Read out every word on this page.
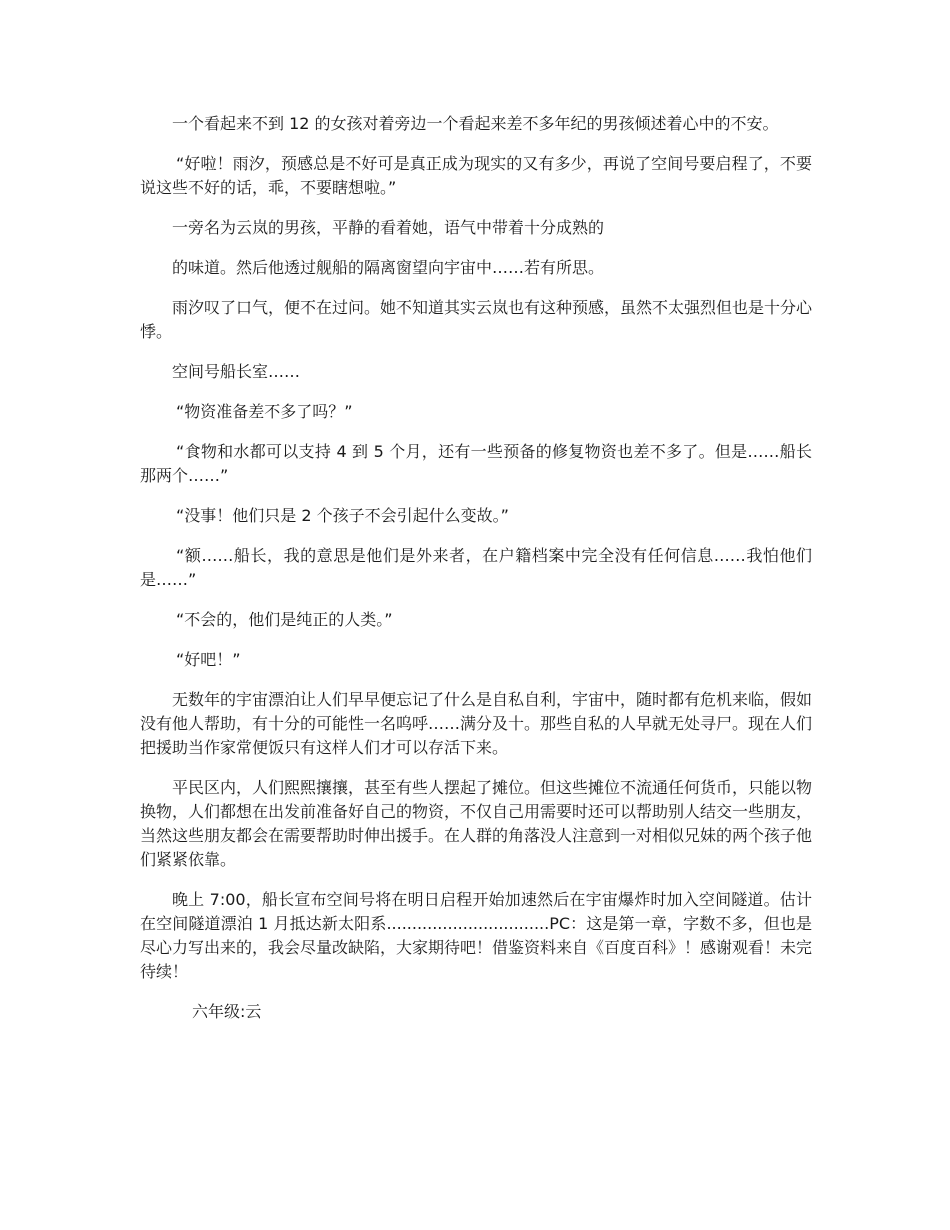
一个看起来不到 12 的女孩对着旁边一个看起来差不多年纪的男孩倾述着心中的不安。

“好啦！雨汐，预感总是不好可是真正成为现实的又有多少，再说了空间号要启程了，不要说这些不好的话，乖，不要瞎想啦。”

一旁名为云岚的男孩，平静的看着她，语气中带着十分成熟的

的味道。然后他透过舰船的隔离窗望向宇宙中……若有所思。

雨汐叹了口气，便不在过问。她不知道其实云岚也有这种预感，虽然不太强烈但也是十分心悸。

空间号船长室……

“物资准备差不多了吗？”

“食物和水都可以支持 4 到 5 个月，还有一些预备的修复物资也差不多了。但是……船长那两个……”

“没事！他们只是 2 个孩子不会引起什么变故。”

“额……船长，我的意思是他们是外来者，在户籍档案中完全没有任何信息……我怕他们是……”

“不会的，他们是纯正的人类。”

“好吧！”

无数年的宇宙漂泊让人们早早便忘记了什么是自私自利，宇宙中，随时都有危机来临，假如没有他人帮助，有十分的可能性一名呜呼……满分及十。那些自私的人早就无处寻尸。现在人们把援助当作家常便饭只有这样人们才可以存活下来。

平民区内，人们熙熙攘攘，甚至有些人摆起了摊位。但这些摊位不流通任何货币，只能以物换物，人们都想在出发前准备好自己的物资，不仅自己用需要时还可以帮助别人结交一些朋友，当然这些朋友都会在需要帮助时伸出援手。在人群的角落没人注意到一对相似兄妹的两个孩子他们紧紧依靠。

晚上 7:00，船长宣布空间号将在明日启程开始加速然后在宇宙爆炸时加入空间隧道。估计在空间隧道漂泊 1 月抵达新太阳系................................PC：这是第一章，字数不多，但也是尽心力写出来的，我会尽量改缺陷，大家期待吧！借鉴资料来自《百度百科》！感谢观看！未完待续！

六年级:云
